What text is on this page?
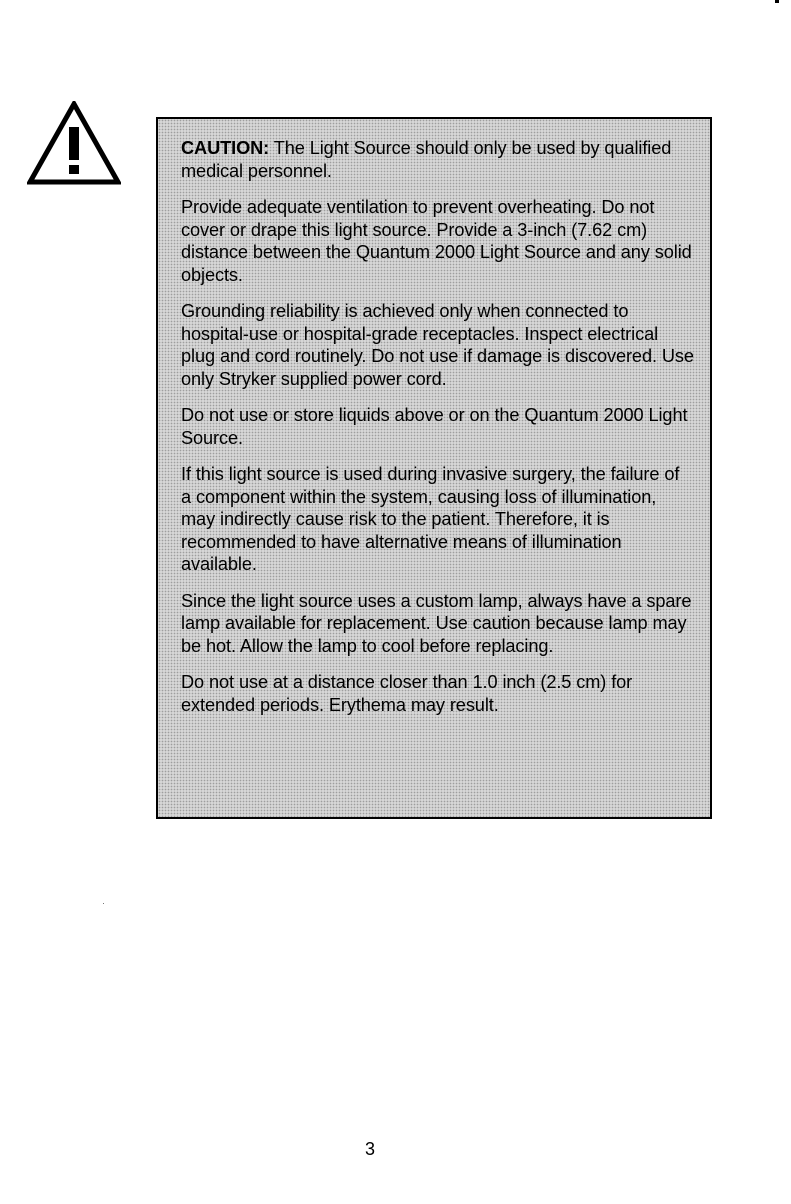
CAUTION: The Light Source should only be used by qualified medical personnel.

Provide adequate ventilation to prevent overheating. Do not cover or drape this light source. Provide a 3-inch (7.62 cm) distance between the Quantum 2000 Light Source and any solid objects.

Grounding reliability is achieved only when connected to hospital-use or hospital-grade receptacles. Inspect electrical plug and cord routinely. Do not use if damage is discovered. Use only Stryker supplied power cord.

Do not use or store liquids above or on the Quantum 2000 Light Source.

If this light source is used during invasive surgery, the failure of a component within the system, causing loss of illumination, may indirectly cause risk to the patient. Therefore, it is recommended to have alternative means of illumination available.

Since the light source uses a custom lamp, always have a spare lamp available for replacement. Use caution because lamp may be hot. Allow the lamp to cool before replacing.

Do not use at a distance closer than 1.0 inch (2.5 cm) for extended periods. Erythema may result.

3
